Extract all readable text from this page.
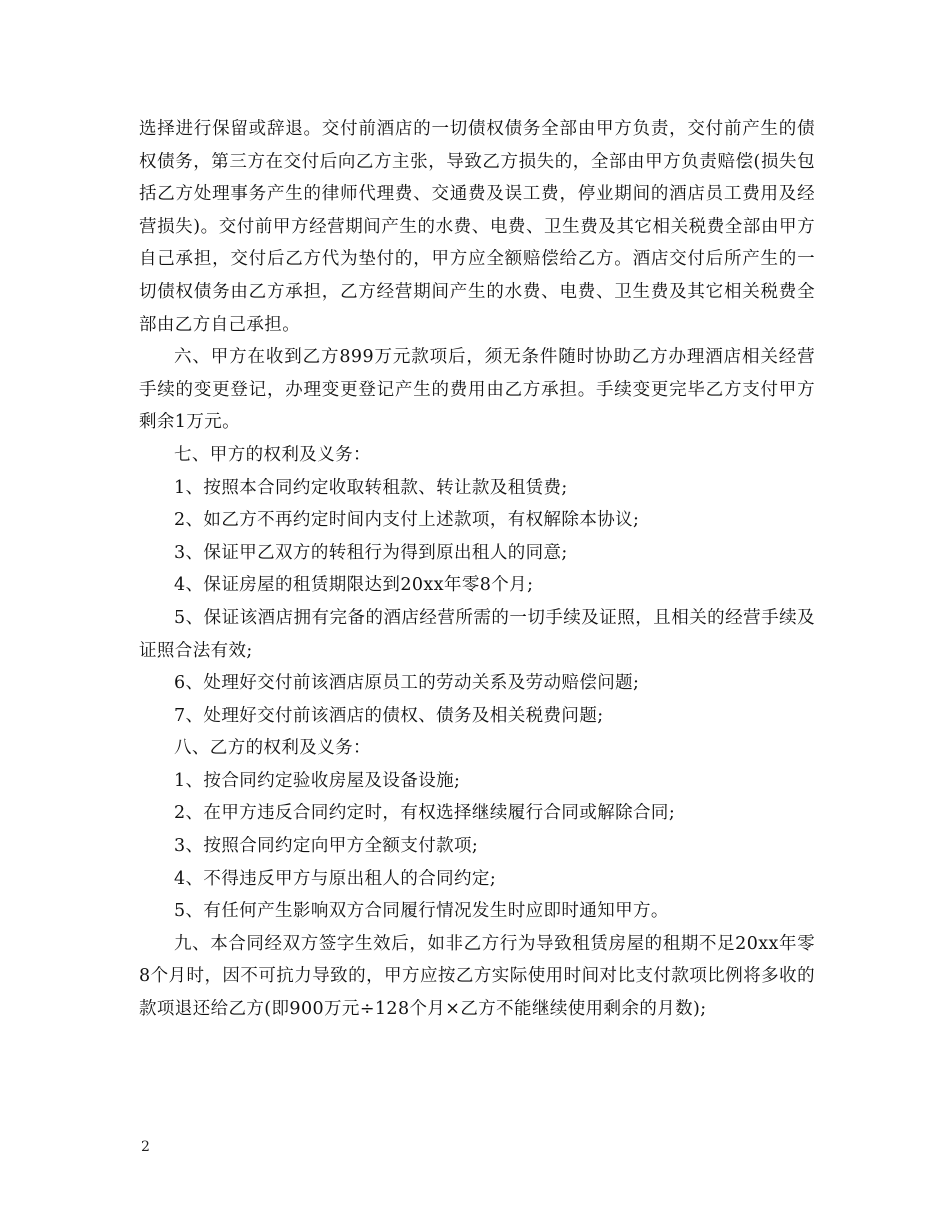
选择进行保留或辞退。交付前酒店的一切债权债务全部由甲方负责，交付前产生的债权债务，第三方在交付后向乙方主张，导致乙方损失的，全部由甲方负责赔偿(损失包括乙方处理事务产生的律师代理费、交通费及误工费，停业期间的酒店员工费用及经营损失)。交付前甲方经营期间产生的水费、电费、卫生费及其它相关税费全部由甲方自己承担，交付后乙方代为垫付的，甲方应全额赔偿给乙方。酒店交付后所产生的一切债权债务由乙方承担，乙方经营期间产生的水费、电费、卫生费及其它相关税费全部由乙方自己承担。

六、甲方在收到乙方899万元款项后，须无条件随时协助乙方办理酒店相关经营手续的变更登记，办理变更登记产生的费用由乙方承担。手续变更完毕乙方支付甲方剩余1万元。

七、甲方的权利及义务：

1、按照本合同约定收取转租款、转让款及租赁费;

2、如乙方不再约定时间内支付上述款项，有权解除本协议;

3、保证甲乙双方的转租行为得到原出租人的同意;

4、保证房屋的租赁期限达到20xx年零8个月;

5、保证该酒店拥有完备的酒店经营所需的一切手续及证照，且相关的经营手续及证照合法有效;

6、处理好交付前该酒店原员工的劳动关系及劳动赔偿问题;

7、处理好交付前该酒店的债权、债务及相关税费问题;

八、乙方的权利及义务：

1、按合同约定验收房屋及设备设施;

2、在甲方违反合同约定时，有权选择继续履行合同或解除合同;

3、按照合同约定向甲方全额支付款项;

4、不得违反甲方与原出租人的合同约定;

5、有任何产生影响双方合同履行情况发生时应即时通知甲方。

九、本合同经双方签字生效后，如非乙方行为导致租赁房屋的租期不足20xx年零8个月时，因不可抗力导致的，甲方应按乙方实际使用时间对比支付款项比例将多收的款项退还给乙方(即900万元÷128个月×乙方不能继续使用剩余的月数);

2
